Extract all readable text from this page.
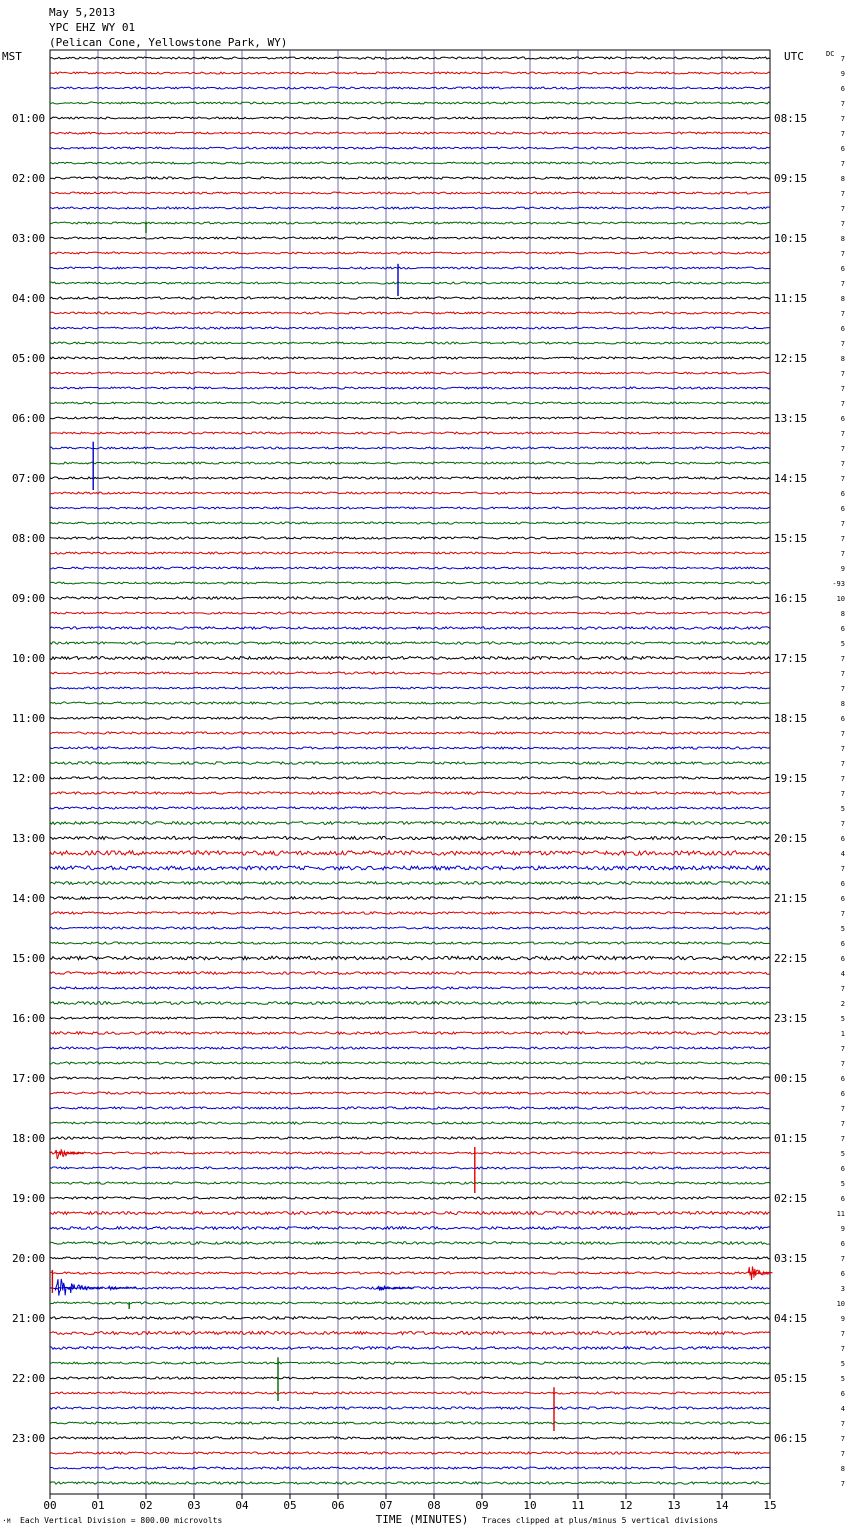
MST	UTC	DC
01:00
02:00
03:00
04:00
05:00
06:00
07:00
08:00
09:00
10:00
11:00
12:00
13:00
14:00
15:00
16:00
17:00
18:00
19:00
20:00
21:00
22:00
23:00
08:15
09:15
10:15
11:15
12:15
13:15
14:15
15:15
16:15
17:15
18:15
19:15
20:15
21:15
22:15
23:15
00:15
01:15
02:15
03:15
04:15
05:15
06:15
7
9
6
7
7
7
6
7
8
7
7
7
8
7
6
7
8
7
6
7
8
7
7
7
6
7
7
7
7
6
6
7
7
7
9
-93
10
8
6
5
7
7
7
8
6
7
7
7
7
7
5
7
6
4
7
6
6
7
5
6
6
4
7
2
5
1
7
7
6
6
7
7
7
5
6
5
6
11
9
6
7
6
3
10
9
7
7
5
5
6
4
7
7
7
8
7
00	01	02	03	04	05	06	07	08	09	10	11	12	13	14	15
TIME (MINUTES)
May 5,2013
YPC EHZ WY 01
(Pelican Cone, Yellowstone Park, WY)
·M Each Vertical Division = 800.00 microvolts	Traces clipped at plus/minus 5 vertical divisions
